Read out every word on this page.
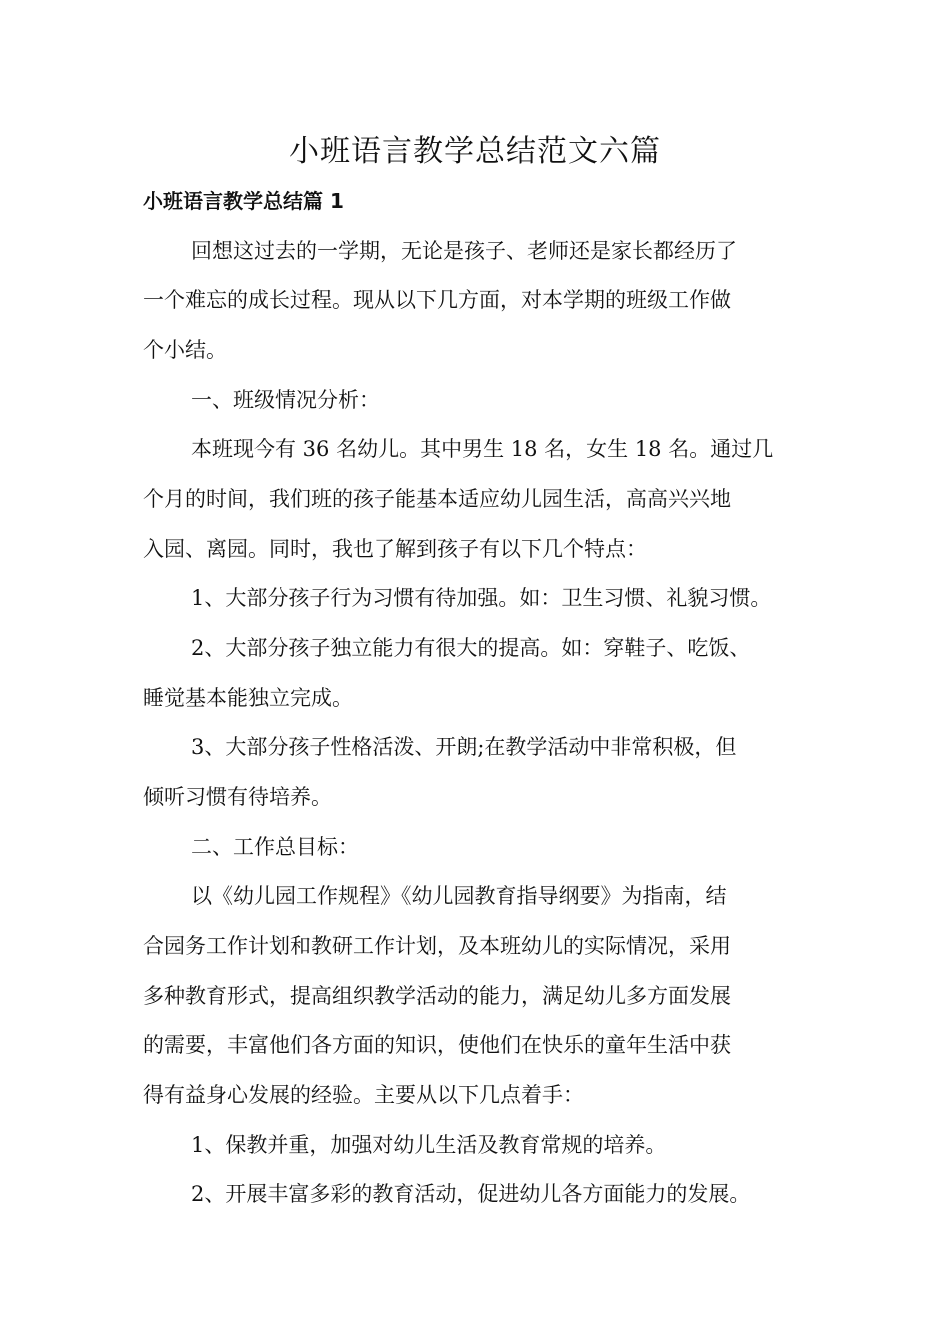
小班语言教学总结范文六篇
小班语言教学总结篇 1
回想这过去的一学期，无论是孩子、老师还是家长都经历了
一个难忘的成长过程。现从以下几方面，对本学期的班级工作做
个小结。
一、班级情况分析：
本班现今有 36 名幼儿。其中男生 18 名，女生 18 名。通过几
个月的时间，我们班的孩子能基本适应幼儿园生活，高高兴兴地
入园、离园。同时，我也了解到孩子有以下几个特点：
1、大部分孩子行为习惯有待加强。如：卫生习惯、礼貌习惯。
2、大部分孩子独立能力有很大的提高。如：穿鞋子、吃饭、
睡觉基本能独立完成。
3、大部分孩子性格活泼、开朗;在教学活动中非常积极，但
倾听习惯有待培养。
二、工作总目标：
以《幼儿园工作规程》《幼儿园教育指导纲要》为指南，结
合园务工作计划和教研工作计划，及本班幼儿的实际情况，采用
多种教育形式，提高组织教学活动的能力，满足幼儿多方面发展
的需要，丰富他们各方面的知识，使他们在快乐的童年生活中获
得有益身心发展的经验。主要从以下几点着手：
1、保教并重，加强对幼儿生活及教育常规的培养。
2、开展丰富多彩的教育活动，促进幼儿各方面能力的发展。
